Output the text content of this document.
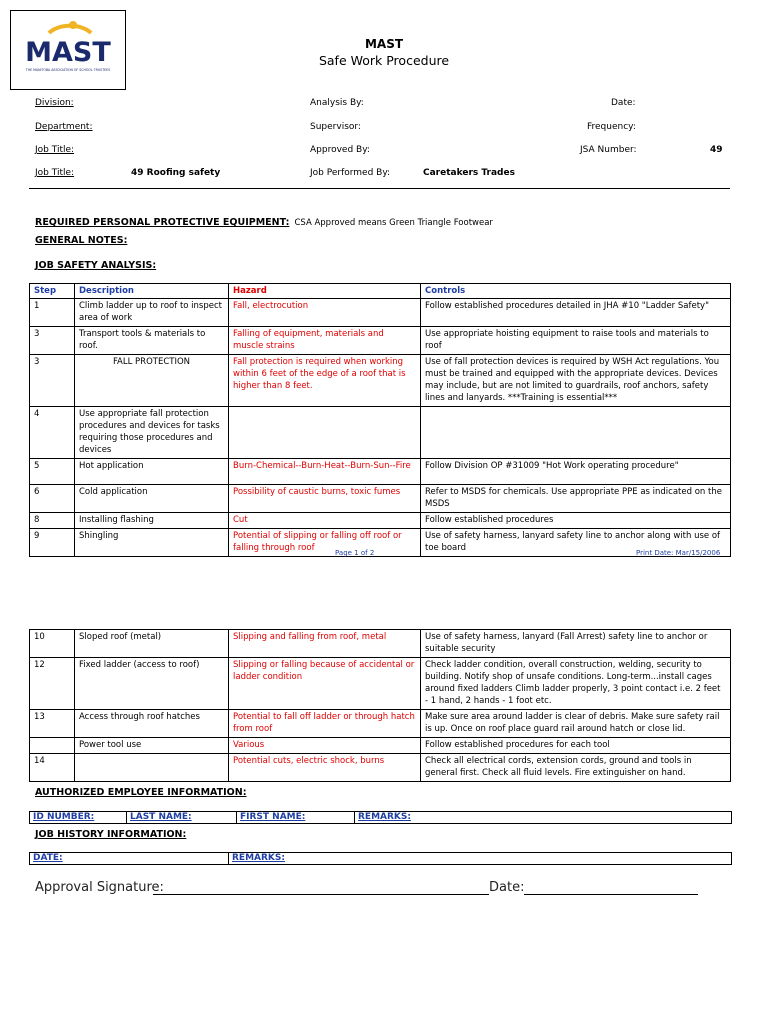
MAST
THE MANITOBA ASSOCIATION OF SCHOOL TRUSTEES
MAST
Safe Work Procedure
Division:	Analysis By:	Date:
Department:	Supervisor:	Frequency:
Job Title:	Approved By:	JSA Number:	49
Job Title:	49 Roofing safety	Job Performed By:	Caretakers Trades
REQUIRED PERSONAL PROTECTIVE EQUIPMENT: CSA Approved means Green Triangle Footwear
GENERAL NOTES:
JOB SAFETY ANALYSIS:
Step	Description	Hazard	Controls
1	Climb ladder up to roof to inspect area of work	Fall, electrocution	Follow established procedures detailed in JHA #10 "Ladder Safety"
3	Transport tools & materials to roof.	Falling of equipment, materials and muscle strains	Use appropriate hoisting equipment to raise tools and materials to roof
3	FALL PROTECTION	Fall protection is required when working within 6 feet of the edge of a roof that is higher than 8 feet.	Use of fall protection devices is required by WSH Act regulations. You must be trained and equipped with the appropriate devices. Devices may include, but are not limited to guardrails, roof anchors, safety lines and lanyards. ***Training is essential***
4	Use appropriate fall protection procedures and devices for tasks requiring those procedures and devices		
5	Hot application	Burn-Chemical--Burn-Heat--Burn-Sun--Fire	Follow Division OP #31009 "Hot Work operating procedure"
6	Cold application	Possibility of caustic burns, toxic fumes	Refer to MSDS for chemicals. Use appropriate PPE as indicated on the MSDS
8	Installing flashing	Cut	Follow established procedures
9	Shingling	Potential of slipping or falling off roof or falling through roof	Use of safety harness, lanyard safety line to anchor along with use of toe board
Page 1 of 2	Print Date: Mar/15/2006
10	Sloped roof (metal)	Slipping and falling from roof, metal	Use of safety harness, lanyard (Fall Arrest) safety line to anchor or suitable security
12	Fixed ladder (access to roof)	Slipping or falling because of accidental or ladder condition	Check ladder condition, overall construction, welding, security to building. Notify shop of unsafe conditions. Long-term...install cages around fixed ladders Climb ladder properly, 3 point contact i.e. 2 feet - 1 hand, 2 hands - 1 foot etc.
13	Access through roof hatches	Potential to fall off ladder or through hatch from roof	Make sure area around ladder is clear of debris. Make sure safety rail is up. Once on roof place guard rail around hatch or close lid.
	Power tool use	Various	Follow established procedures for each tool
14		Potential cuts, electric shock, burns	Check all electrical cords, extension cords, ground and tools in general first. Check all fluid levels. Fire extinguisher on hand.
AUTHORIZED EMPLOYEE INFORMATION:
ID NUMBER:	LAST NAME:	FIRST NAME:	REMARKS:
JOB HISTORY INFORMATION:
DATE:	REMARKS:
Approval Signature:	Date:
